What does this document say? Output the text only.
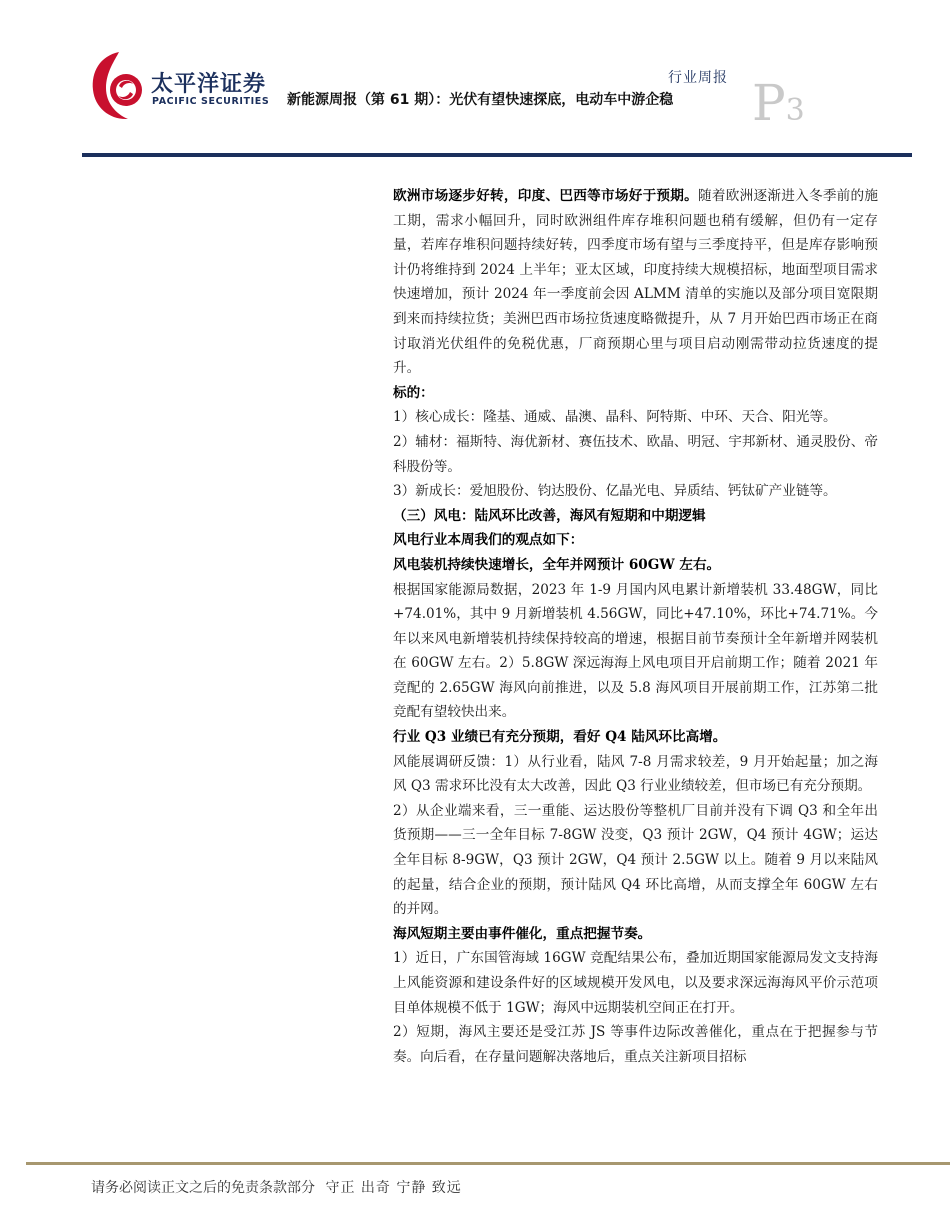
太平洋证券
PACIFIC SECURITIES
行业周报
新能源周报（第 61 期）：光伏有望快速探底，电动车中游企稳 P3

欧洲市场逐步好转，印度、巴西等市场好于预期。随着欧洲逐渐进入冬季前的施工期，需求小幅回升，同时欧洲组件库存堆积问题也稍有缓解，但仍有一定存量，若库存堆积问题持续好转，四季度市场有望与三季度持平，但是库存影响预计仍将维持到 2024 上半年；亚太区域，印度持续大规模招标，地面型项目需求快速增加，预计 2024 年一季度前会因 ALMM 清单的实施以及部分项目宽限期到来而持续拉货；美洲巴西市场拉货速度略微提升，从 7 月开始巴西市场正在商讨取消光伏组件的免税优惠，厂商预期心里与项目启动刚需带动拉货速度的提升。

标的：

1）核心成长：隆基、通威、晶澳、晶科、阿特斯、中环、天合、阳光等。

2）辅材：福斯特、海优新材、赛伍技术、欧晶、明冠、宇邦新材、通灵股份、帝科股份等。

3）新成长：爱旭股份、钧达股份、亿晶光电、异质结、钙钛矿产业链等。

（三）风电：陆风环比改善，海风有短期和中期逻辑

风电行业本周我们的观点如下：

风电装机持续快速增长，全年并网预计 60GW 左右。

根据国家能源局数据，2023 年 1-9 月国内风电累计新增装机 33.48GW，同比+74.01%，其中 9 月新增装机 4.56GW，同比+47.10%，环比+74.71%。今年以来风电新增装机持续保持较高的增速，根据目前节奏预计全年新增并网装机在 60GW 左右。2）5.8GW 深远海海上风电项目开启前期工作；随着 2021 年竞配的 2.65GW 海风向前推进，以及 5.8 海风项目开展前期工作，江苏第二批竞配有望较快出来。

行业 Q3 业绩已有充分预期，看好 Q4 陆风环比高增。

风能展调研反馈：1）从行业看，陆风 7-8 月需求较差，9 月开始起量；加之海风 Q3 需求环比没有太大改善，因此 Q3 行业业绩较差，但市场已有充分预期。

2）从企业端来看，三一重能、运达股份等整机厂目前并没有下调 Q3 和全年出货预期——三一全年目标 7-8GW 没变，Q3 预计 2GW，Q4 预计 4GW；运达全年目标 8-9GW，Q3 预计 2GW，Q4 预计 2.5GW 以上。随着 9 月以来陆风的起量，结合企业的预期，预计陆风 Q4 环比高增，从而支撑全年 60GW 左右的并网。

海风短期主要由事件催化，重点把握节奏。

1）近日，广东国管海域 16GW 竞配结果公布，叠加近期国家能源局发文支持海上风能资源和建设条件好的区域规模开发风电，以及要求深远海海风平价示范项目单体规模不低于 1GW；海风中远期装机空间正在打开。

2）短期，海风主要还是受江苏 JS 等事件边际改善催化，重点在于把握参与节奏。向后看，在存量问题解决落地后，重点关注新项目招标

请务必阅读正文之后的免责条款部分 守正 出奇 宁静 致远
